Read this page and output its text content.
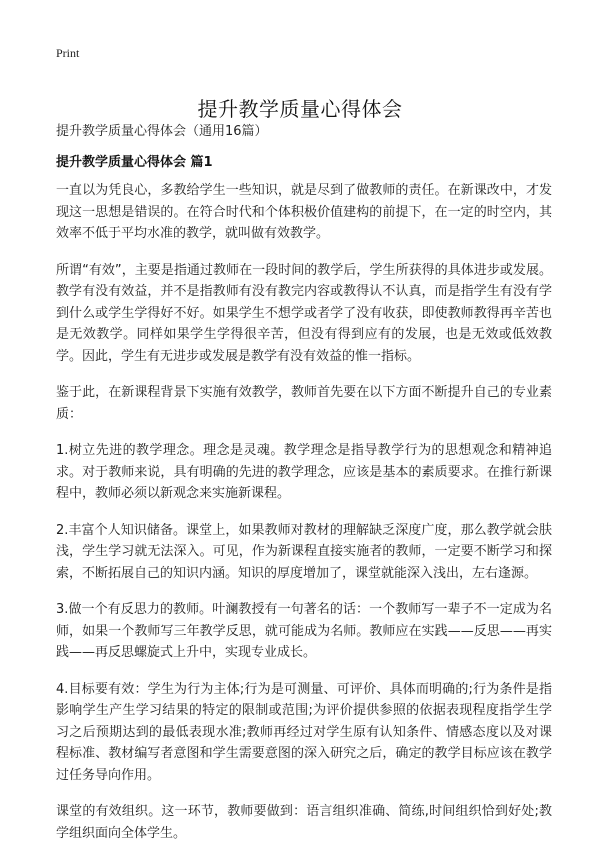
Print
提升教学质量心得体会
提升教学质量心得体会（通用16篇）
提升教学质量心得体会 篇1

一直以为凭良心，多教给学生一些知识，就是尽到了做教师的责任。在新课改中，才发现这一思想是错误的。在符合时代和个体积极价值建构的前提下，在一定的时空内，其效率不低于平均水准的教学，就叫做有效教学。

所谓“有效”，主要是指通过教师在一段时间的教学后，学生所获得的具体进步或发展。教学有没有效益，并不是指教师有没有教完内容或教得认不认真，而是指学生有没有学到什么或学生学得好不好。如果学生不想学或者学了没有收获，即使教师教得再辛苦也是无效教学。同样如果学生学得很辛苦，但没有得到应有的发展，也是无效或低效教学。因此，学生有无进步或发展是教学有没有效益的惟一指标。

鉴于此，在新课程背景下实施有效教学，教师首先要在以下方面不断提升自己的专业素质：

1.树立先进的教学理念。理念是灵魂。教学理念是指导教学行为的思想观念和精神追求。对于教师来说，具有明确的先进的教学理念，应该是基本的素质要求。在推行新课程中，教师必须以新观念来实施新课程。

2.丰富个人知识储备。课堂上，如果教师对教材的理解缺乏深度广度，那么教学就会肤浅，学生学习就无法深入。可见，作为新课程直接实施者的教师，一定要不断学习和探索，不断拓展自己的知识内涵。知识的厚度增加了，课堂就能深入浅出，左右逢源。

3.做一个有反思力的教师。叶澜教授有一句著名的话：一个教师写一辈子不一定成为名师，如果一个教师写三年教学反思，就可能成为名师。教师应在实践——反思——再实践——再反思螺旋式上升中，实现专业成长。

4.目标要有效：学生为行为主体;行为是可测量、可评价、具体而明确的;行为条件是指影响学生产生学习结果的特定的限制或范围;为评价提供参照的依据表现程度指学生学习之后预期达到的最低表现水准;教师再经过对学生原有认知条件、情感态度以及对课程标准、教材编写者意图和学生需要意图的深入研究之后，确定的教学目标应该在教学过任务导向作用。

课堂的有效组织。这一环节，教师要做到：语言组织准确、简练,时间组织恰到好处;教学组织面向全体学生。
